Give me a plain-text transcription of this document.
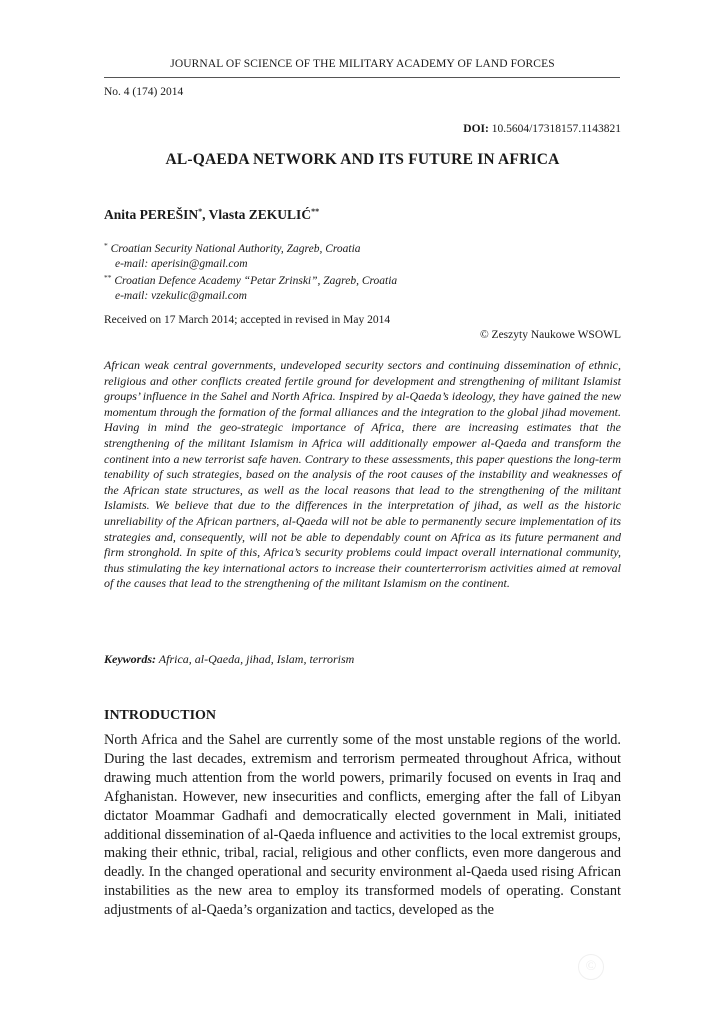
JOURNAL OF SCIENCE OF THE MILITARY ACADEMY OF LAND FORCES
No. 4 (174) 2014
DOI: 10.5604/17318157.1143821
AL-QAEDA NETWORK AND ITS FUTURE IN AFRICA
Anita PEREŠIN*, Vlasta ZEKULIĆ**
* Croatian Security National Authority, Zagreb, Croatia
e-mail: aperisin@gmail.com
** Croatian Defence Academy “Petar Zrinski”, Zagreb, Croatia
e-mail: vzekulic@gmail.com
Received on 17 March 2014; accepted in revised in May 2014
© Zeszyty Naukowe WSOWL
African weak central governments, undeveloped security sectors and continuing dissemination of ethnic, religious and other conflicts created fertile ground for development and strengthening of militant Islamist groups’ influence in the Sahel and North Africa. Inspired by al-Qaeda’s ideology, they have gained the new momentum through the formation of the formal alliances and the integration to the global jihad movement. Having in mind the geo-strategic importance of Africa, there are increasing estimates that the strengthening of the militant Islamism in Africa will additionally empower al-Qaeda and transform the continent into a new terrorist safe haven. Contrary to these assessments, this paper questions the long-term tenability of such strategies, based on the analysis of the root causes of the instability and weaknesses of the African state structures, as well as the local reasons that lead to the strengthening of the militant Islamists. We believe that due to the differences in the interpretation of jihad, as well as the historic unreliability of the African partners, al-Qaeda will not be able to permanently secure implementation of its strategies and, consequently, will not be able to dependably count on Africa as its future permanent and firm stronghold. In spite of this, Africa’s security problems could impact overall international community, thus stimulating the key international actors to increase their counterterrorism activities aimed at removal of the causes that lead to the strengthening of the militant Islamism on the continent.
Keywords: Africa, al-Qaeda, jihad, Islam, terrorism
INTRODUCTION
North Africa and the Sahel are currently some of the most unstable regions of the world. During the last decades, extremism and terrorism permeated throughout Africa, without drawing much attention from the world powers, primarily focused on events in Iraq and Afghanistan. However, new insecurities and conflicts, emerging after the fall of Libyan dictator Moammar Gadhafi and democratically elected government in Mali, initiated additional dissemination of al-Qaeda influence and activities to the local extremist groups, making their ethnic, tribal, racial, religious and other conflicts, even more dangerous and deadly. In the changed operational and security environment al-Qaeda used rising African instabilities as the new area to employ its transformed models of operating. Constant adjustments of al-Qaeda’s organization and tactics, developed as the
©
